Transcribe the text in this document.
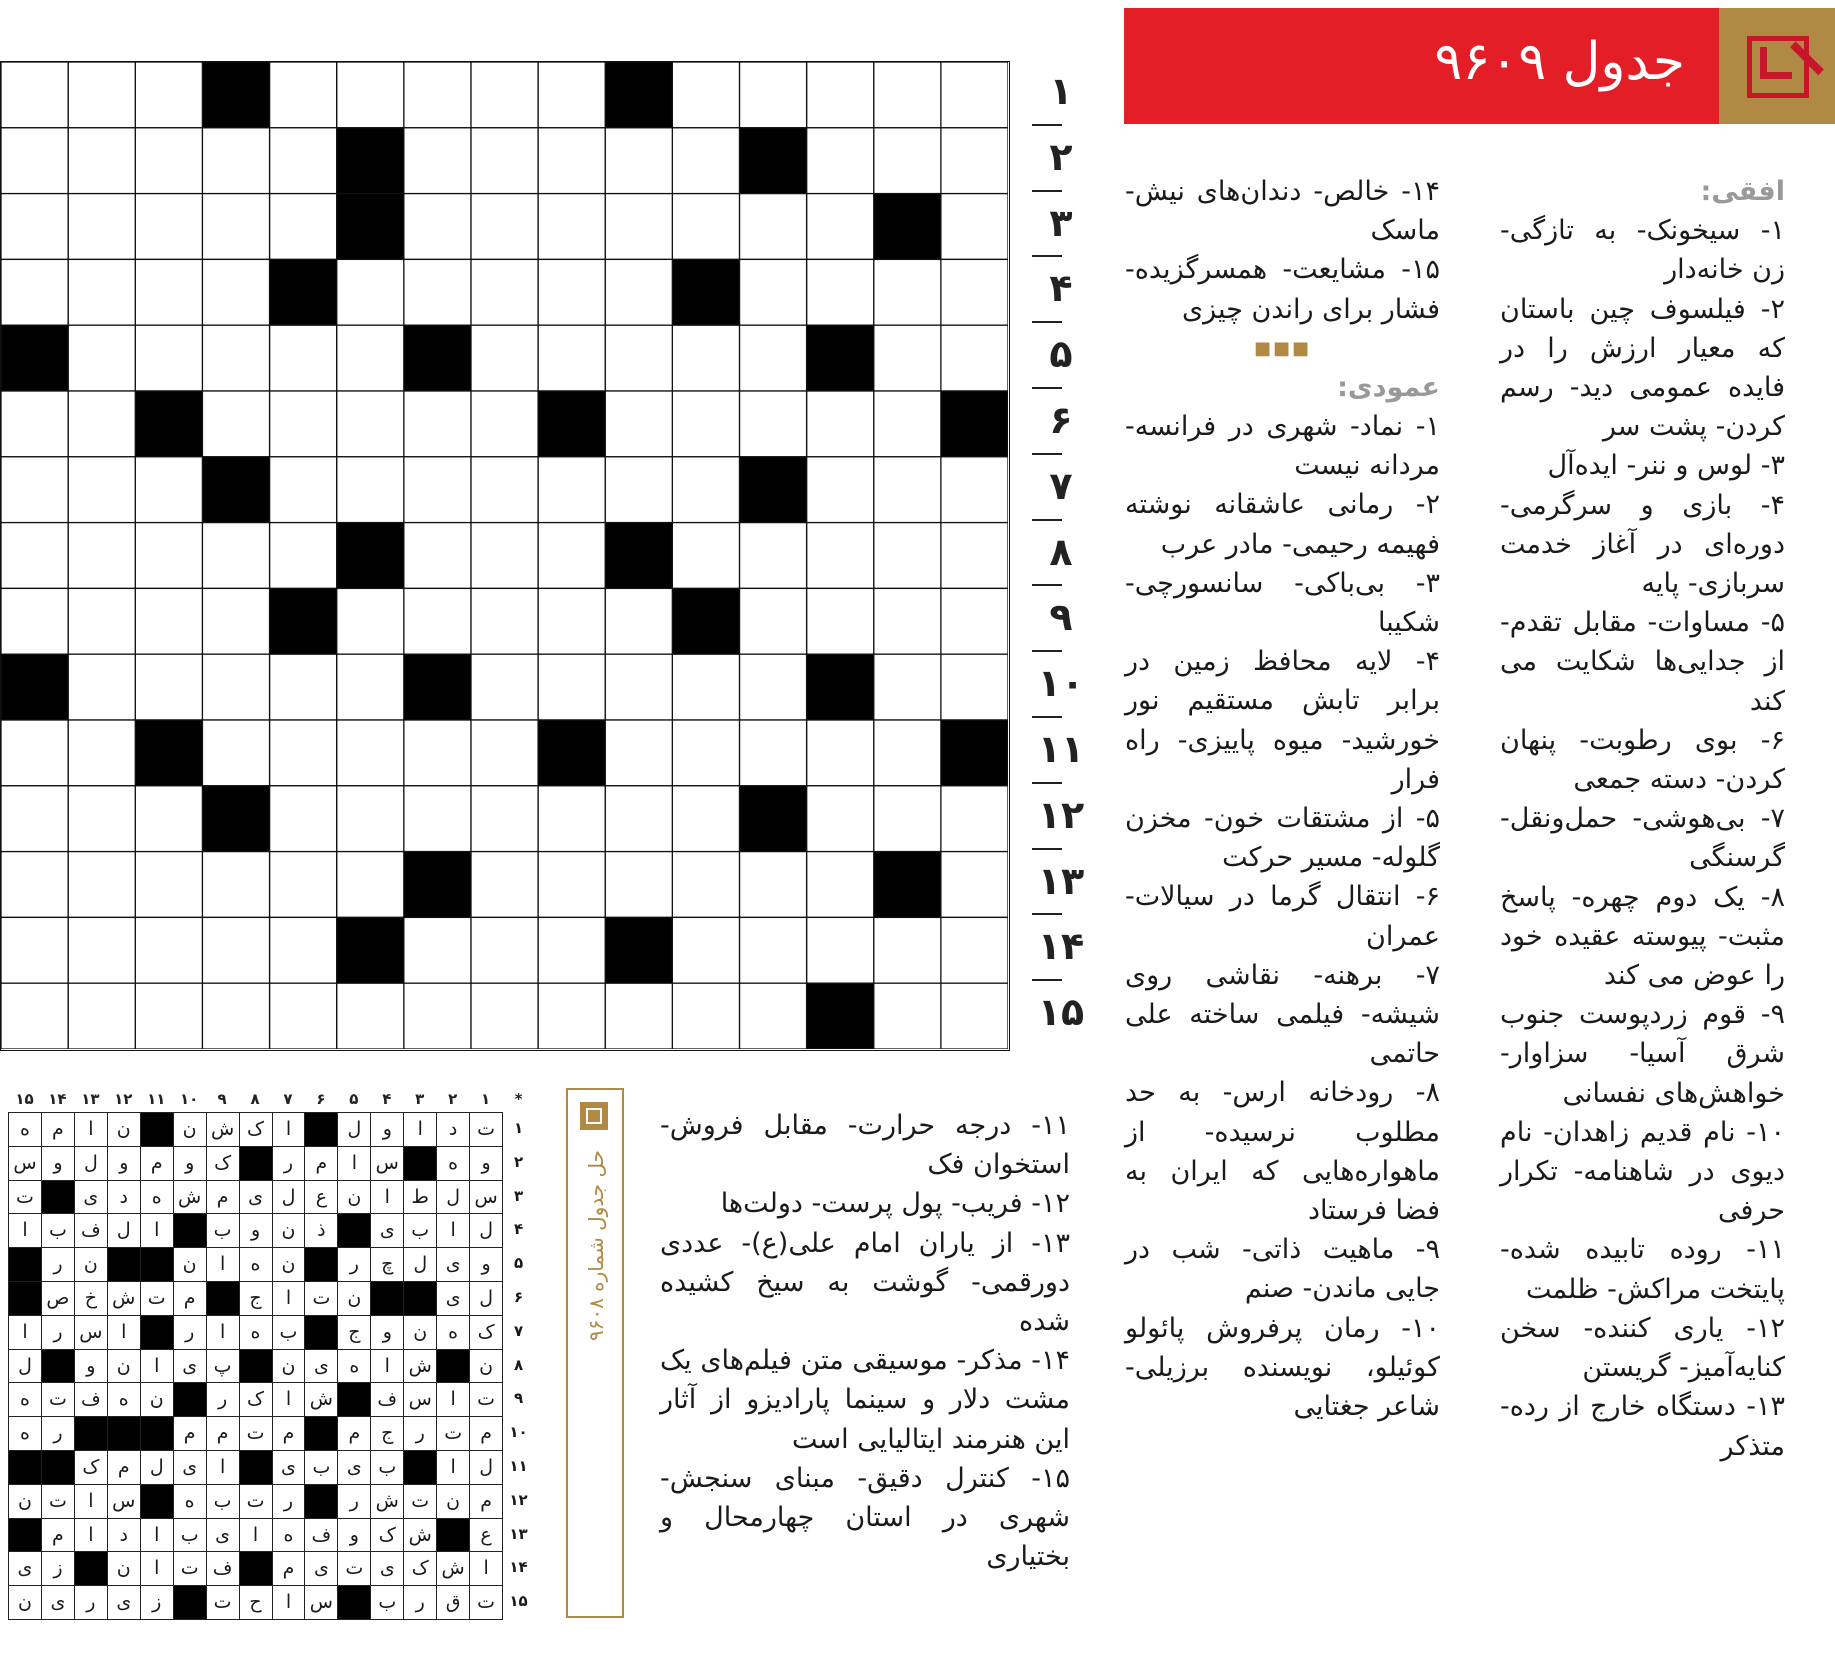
جدول ۹۶۰۹
افقی:
۱- سیخونک- به تازگی- زن خانه‌دار
۲- فیلسوف چین باستان که معیار ارزش را در فایده عمومی دید- رسم کردن- پشت سر
۳- لوس و ننر- ایده‌آل
۴- بازی و سرگرمی- دوره‌ای در آغاز خدمت سربازی- پایه
۵- مساوات- مقابل تقدم- از جدایی‌ها شکایت می کند
۶- بوی رطوبت- پنهان کردن- دسته جمعی
۷- بی‌هوشی- حمل‌ونقل- گرسنگی
۸- یک دوم چهره- پاسخ مثبت- پیوسته عقیده خود را عوض می کند
۹- قوم زردپوست جنوب شرق آسیا- سزاوار- خواهش‌های نفسانی
۱۰- نام قدیم زاهدان- نام دیوی در شاهنامه- تکرار حرفی
۱۱- روده تابیده شده- پایتخت مراکش- ظلمت
۱۲- یاری کننده- سخن کنایه‌آمیز- گریستن
۱۳- دستگاه خارج از رده- متذکر
۱۴- خالص- دندان‌های نیش- ماسک
۱۵- مشایعت- همسرگزیده- فشار برای راندن چیزی
■■■
عمودی:
۱- نماد- شهری در فرانسه- مردانه نیست
۲- رمانی عاشقانه نوشته فهیمه رحیمی- مادر عرب
۳- بی‌باکی- سانسورچی- شکیبا
۴- لایه محافظ زمین در برابر تابش مستقیم نور خورشید- میوه پاییزی- راه فرار
۵- از مشتقات خون- مخزن گلوله- مسیر حرکت
۶- انتقال گرما در سیالات- عمران
۷- برهنه- نقاشی روی شیشه- فیلمی ساخته علی حاتمی
۸- رودخانه ارس- به حد مطلوب نرسیده- از ماهواره‌هایی که ایران به فضا فرستاد
۹- ماهیت ذاتی- شب در جایی ماندن- صنم
۱۰- رمان پرفروش پائولو کوئیلو، نویسنده برزیلی- شاعر جغتایی
۱۱- درجه حرارت- مقابل فروش- استخوان فک
۱۲- فریب- پول پرست- دولت‌ها
۱۳- از یاران امام علی(ع)- عددی دورقمی- گوشت به سیخ کشیده شده
۱۴- مذکر- موسیقی متن فیلم‌های یک مشت دلار و سینما پارادیزو از آثار این هنرمند ایتالیایی است
۱۵- کنترل دقیق- مبنای سنجش- شهری در استان چهارمحال و بختیاری
۱
۲
۳
۴
۵
۶
۷
۸
۹
۱۰
۱۱
۱۲
۱۳
۱۴
۱۵
*
۱
۲
۳
۴
۵
۶
۷
۸
۹
۱۰
۱۱
۱۲
۱۳
۱۴
۱۵
۱
ت
د
ا
و
ل
ا
ک
ش
ن
ن
ا
م
ه
۲
و
ه
س
ا
م
ر
ک
و
م
و
ل
و
س
۳
س
ل
ط
ا
ن
ع
ل
ی
م
ش
ه
د
ی
ت
۴
ل
ا
ب
ی
ذ
ن
و
ب
ا
ل
ف
ب
ا
۵
و
ی
ل
چ
ر
ن
ه
ا
ن
ن
ر
۶
ل
ی
ن
ت
ا
ج
م
ت
ش
خ
ص
۷
ک
ه
ن
و
ج
ب
ه
ا
ر
ا
س
ر
ا
۸
ن
ش
ا
ه
ی
ن
پ
ی
ا
ن
و
ل
۹
ت
ا
س
ف
ش
ا
ک
ر
ن
ه
ف
ت
ه
۱۰
م
ت
ر
ج
م
م
ت
م
م
ر
ه
۱۱
ل
ا
ب
ی
ب
ی
ا
ی
ل
م
ک
۱۲
م
ن
ت
ش
ر
ر
ت
ب
ه
س
ا
ت
ن
۱۳
ع
ش
ک
و
ف
ه
ا
ی
ب
ا
د
ا
م
۱۴
ا
ش
ک
ی
ت
ی
م
ف
ت
ا
ن
ز
ی
۱۵
ت
ق
ر
ب
س
ا
ح
ت
ز
ی
ر
ی
ن
حل جدول شماره ۹۶۰۸
